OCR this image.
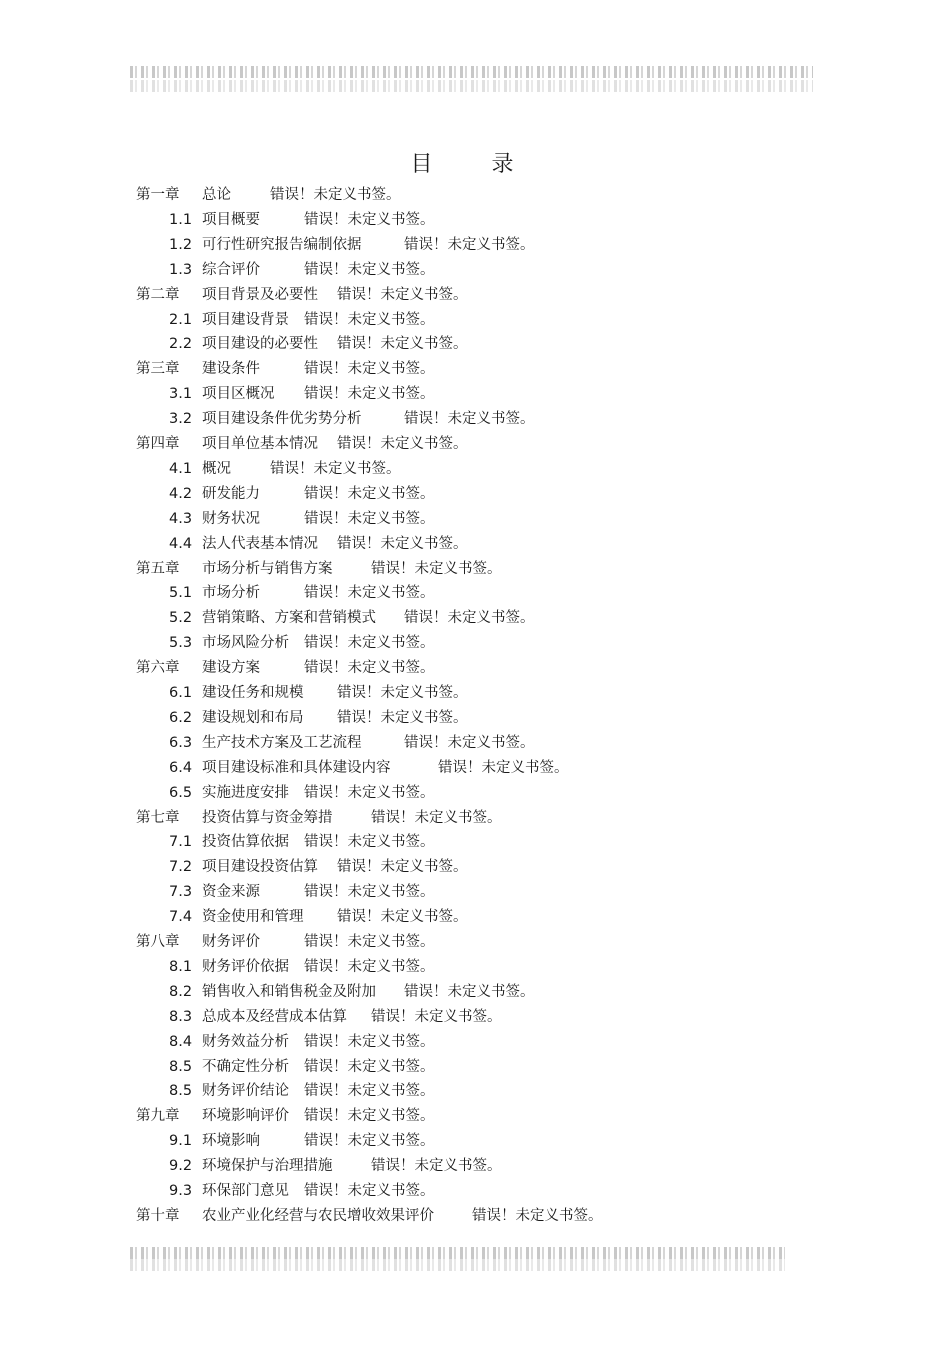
目 录
第一章 总论	错误！未定义书签。
1.1 项目概要	错误！未定义书签。
1.2 可行性研究报告编制依据	错误！未定义书签。
1.3 综合评价	错误！未定义书签。
第二章 项目背景及必要性 错误！未定义书签。
2.1 项目建设背景 错误！未定义书签。
2.2 项目建设的必要性 错误！未定义书签。
第三章 建设条件	错误！未定义书签。
3.1 项目区概况 错误！未定义书签。
3.2 项目建设条件优劣势分析	错误！未定义书签。
第四章 项目单位基本情况 错误！未定义书签。
4.1 概况	错误！未定义书签。
4.2 研发能力	错误！未定义书签。
4.3 财务状况	错误！未定义书签。
4.4 法人代表基本情况 错误！未定义书签。
第五章 市场分析与销售方案	错误！未定义书签。
5.1 市场分析	错误！未定义书签。
5.2 营销策略、方案和营销模式 错误！未定义书签。
5.3 市场风险分析 错误！未定义书签。
第六章 建设方案	错误！未定义书签。
6.1 建设任务和规模 错误！未定义书签。
6.2 建设规划和布局 错误！未定义书签。
6.3 生产技术方案及工艺流程	错误！未定义书签。
6.4 项目建设标准和具体建设内容	错误！未定义书签。
6.5 实施进度安排 错误！未定义书签。
第七章 投资估算与资金筹措	错误！未定义书签。
7.1 投资估算依据 错误！未定义书签。
7.2 项目建设投资估算 错误！未定义书签。
7.3 资金来源	错误！未定义书签。
7.4 资金使用和管理 错误！未定义书签。
第八章 财务评价	错误！未定义书签。
8.1 财务评价依据 错误！未定义书签。
8.2 销售收入和销售税金及附加 错误！未定义书签。
8.3 总成本及经营成本估算 错误！未定义书签。
8.4 财务效益分析 错误！未定义书签。
8.5 不确定性分析 错误！未定义书签。
8.5 财务评价结论 错误！未定义书签。
第九章 环境影响评价 错误！未定义书签。
9.1 环境影响	错误！未定义书签。
9.2 环境保护与治理措施	错误！未定义书签。
9.3 环保部门意见 错误！未定义书签。
第十章 农业产业化经营与农民增收效果评价	错误！未定义书签。
